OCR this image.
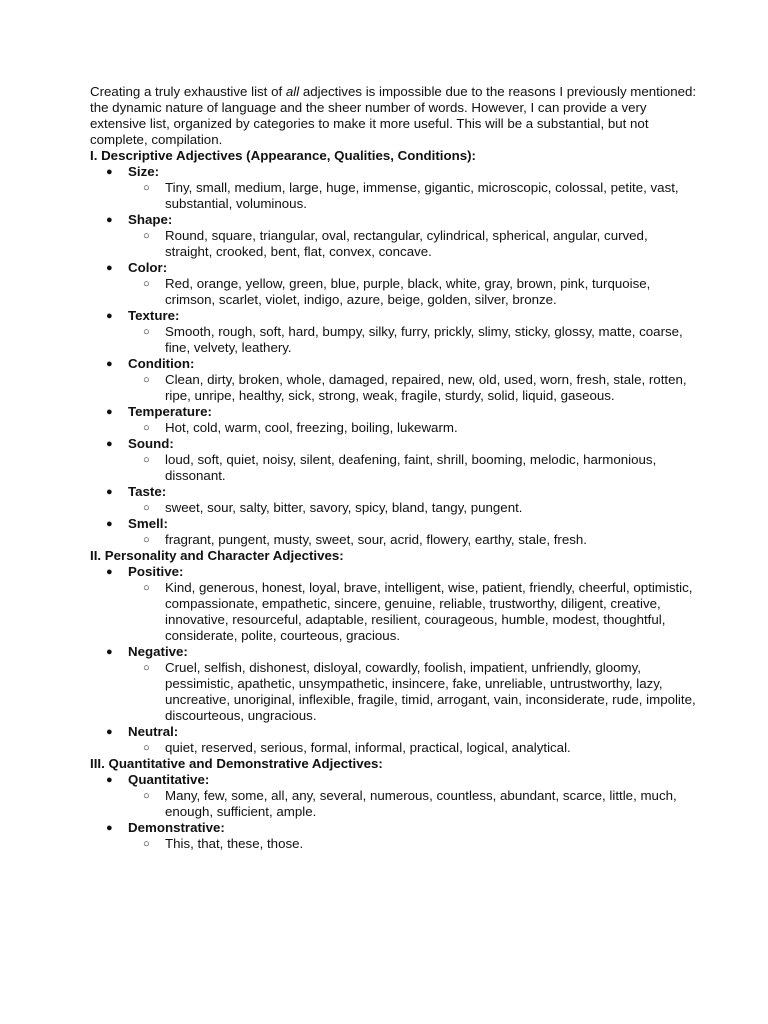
Creating a truly exhaustive list of all adjectives is impossible due to the reasons I previously mentioned: the dynamic nature of language and the sheer number of words. However, I can provide a very extensive list, organized by categories to make it more useful. This will be a substantial, but not complete, compilation.

I. Descriptive Adjectives (Appearance, Qualities, Conditions):
● Size:
○ Tiny, small, medium, large, huge, immense, gigantic, microscopic, colossal, petite, vast, substantial, voluminous.
● Shape:
○ Round, square, triangular, oval, rectangular, cylindrical, spherical, angular, curved, straight, crooked, bent, flat, convex, concave.
● Color:
○ Red, orange, yellow, green, blue, purple, black, white, gray, brown, pink, turquoise, crimson, scarlet, violet, indigo, azure, beige, golden, silver, bronze.
● Texture:
○ Smooth, rough, soft, hard, bumpy, silky, furry, prickly, slimy, sticky, glossy, matte, coarse, fine, velvety, leathery.
● Condition:
○ Clean, dirty, broken, whole, damaged, repaired, new, old, used, worn, fresh, stale, rotten, ripe, unripe, healthy, sick, strong, weak, fragile, sturdy, solid, liquid, gaseous.
● Temperature:
○ Hot, cold, warm, cool, freezing, boiling, lukewarm.
● Sound:
○ loud, soft, quiet, noisy, silent, deafening, faint, shrill, booming, melodic, harmonious, dissonant.
● Taste:
○ sweet, sour, salty, bitter, savory, spicy, bland, tangy, pungent.
● Smell:
○ fragrant, pungent, musty, sweet, sour, acrid, flowery, earthy, stale, fresh.
II. Personality and Character Adjectives:
● Positive:
○ Kind, generous, honest, loyal, brave, intelligent, wise, patient, friendly, cheerful, optimistic, compassionate, empathetic, sincere, genuine, reliable, trustworthy, diligent, creative, innovative, resourceful, adaptable, resilient, courageous, humble, modest, thoughtful, considerate, polite, courteous, gracious.
● Negative:
○ Cruel, selfish, dishonest, disloyal, cowardly, foolish, impatient, unfriendly, gloomy, pessimistic, apathetic, unsympathetic, insincere, fake, unreliable, untrustworthy, lazy, uncreative, unoriginal, inflexible, fragile, timid, arrogant, vain, inconsiderate, rude, impolite, discourteous, ungracious.
● Neutral:
○ quiet, reserved, serious, formal, informal, practical, logical, analytical.
III. Quantitative and Demonstrative Adjectives:
● Quantitative:
○ Many, few, some, all, any, several, numerous, countless, abundant, scarce, little, much, enough, sufficient, ample.
● Demonstrative:
○ This, that, these, those.
